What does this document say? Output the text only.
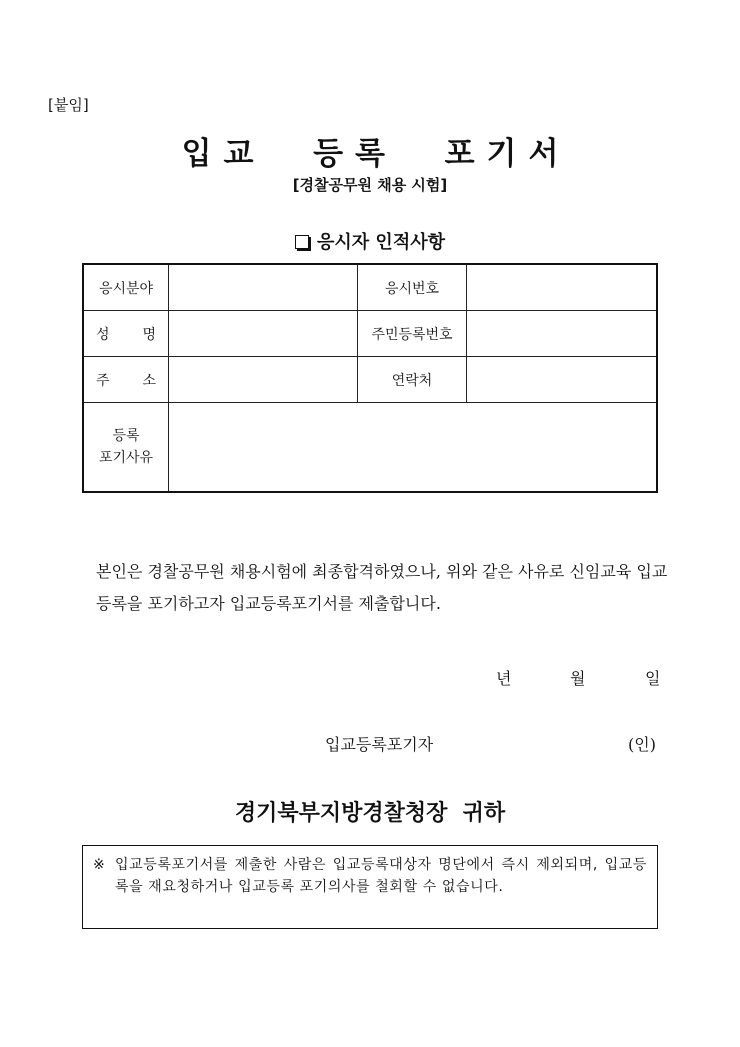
[붙임]
입 교 등 록 포 기 서
[경찰공무원 채용 시험]
응시자 인적사항
응시분야		응시번호	

성 명		주민등록번호	

주 소		연락처	

등록
포기사유			

본인은 경찰공무원 채용시험에 최종합격하였으나, 위와 같은 사유로 신임교육 입교등록을 포기하고자 입교등록포기서를 제출합니다.
년	월	일
입교등록포기자	(인)
경기북부지방경찰청장  귀하
※ 입교등록포기서를 제출한 사람은 입교등록대상자 명단에서 즉시 제외되며, 입교등록을 재요청하거나 입교등록 포기의사를 철회할 수 없습니다.
